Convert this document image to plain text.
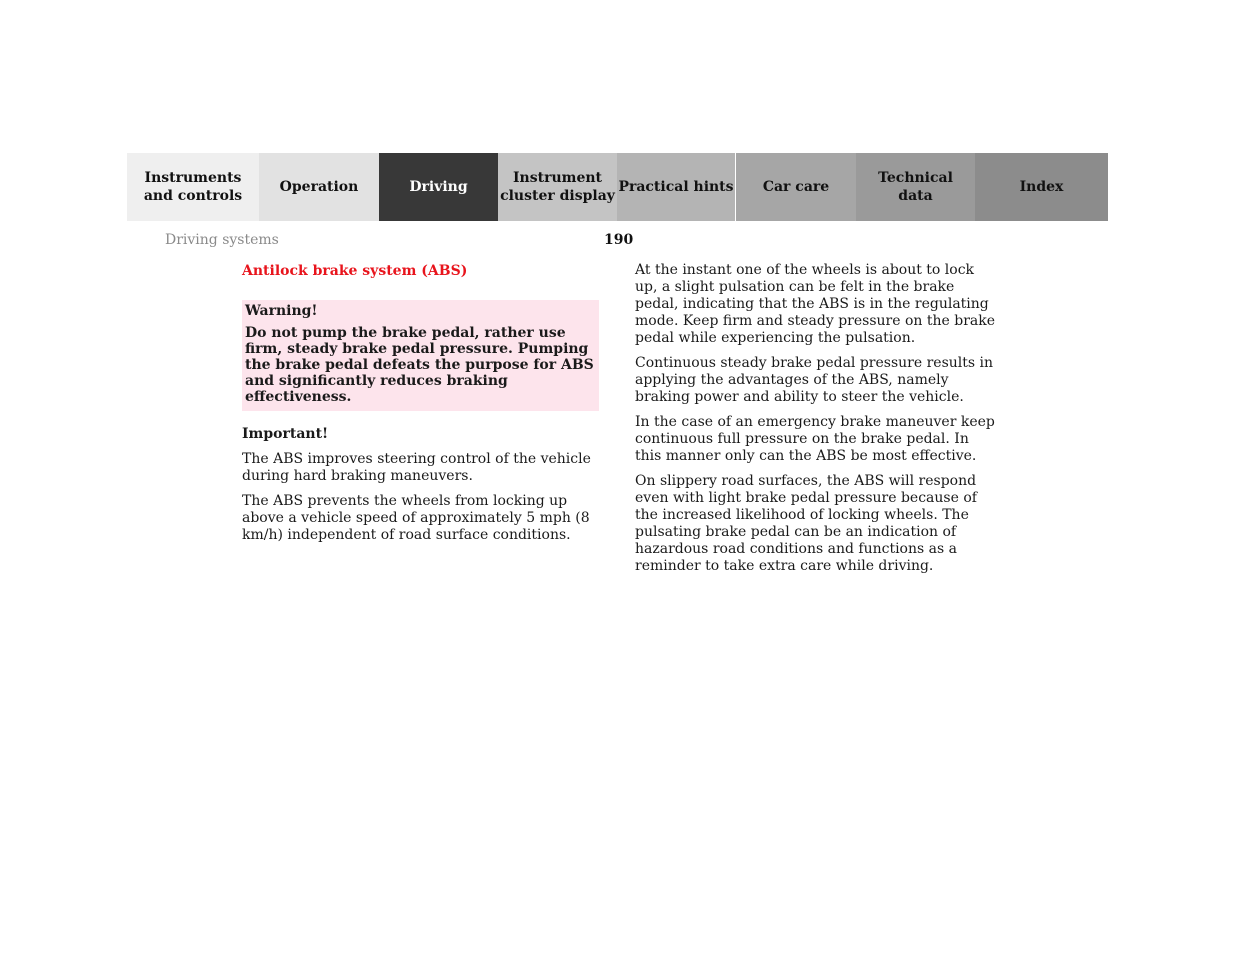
Instruments
and controls
Operation	Driving
Instrument
cluster display
Practical hints Car care
Technical
data
Index
Driving systems	190
Antilock brake system (ABS)
Warning!
Do not pump the brake pedal, rather use firm, steady brake pedal pressure. Pumping the brake pedal defeats the purpose for ABS and significantly reduces braking effectiveness.
Important!

The ABS improves steering control of the vehicle during hard braking maneuvers.

The ABS prevents the wheels from locking up above a vehicle speed of approximately 5 mph (8 km/h) independent of road surface conditions.

At the instant one of the wheels is about to lock up, a slight pulsation can be felt in the brake pedal, indicating that the ABS is in the regulating mode. Keep firm and steady pressure on the brake pedal while experiencing the pulsation.

Continuous steady brake pedal pressure results in applying the advantages of the ABS, namely braking power and ability to steer the vehicle.

In the case of an emergency brake maneuver keep continuous full pressure on the brake pedal. In this manner only can the ABS be most effective.

On slippery road surfaces, the ABS will respond even with light brake pedal pressure because of the increased likelihood of locking wheels. The pulsating brake pedal can be an indication of hazardous road conditions and functions as a reminder to take extra care while driving.
